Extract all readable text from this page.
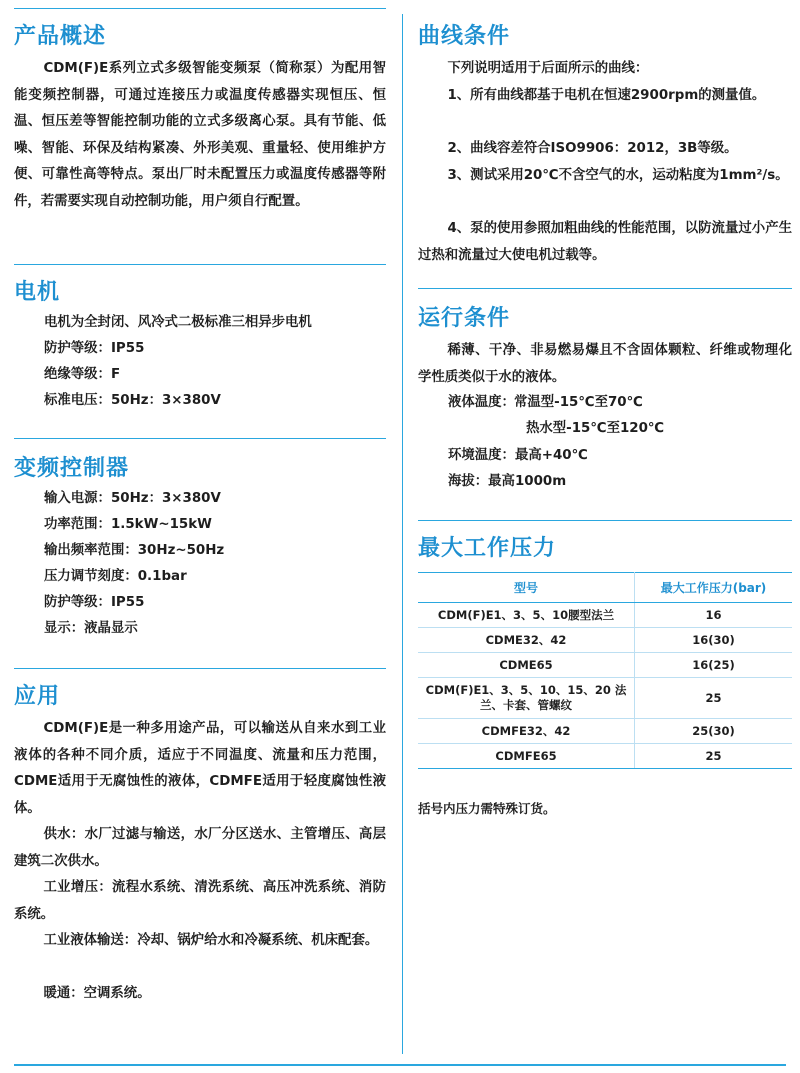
产品概述
CDM(F)E系列立式多级智能变频泵（简称泵）为配用智能变频控制器，可通过连接压力或温度传感器实现恒压、恒温、恒压差等智能控制功能的立式多级离心泵。具有节能、低噪、智能、环保及结构紧凑、外形美观、重量轻、使用维护方便、可靠性高等特点。泵出厂时未配置压力或温度传感器等附件，若需要实现自动控制功能，用户须自行配置。
电机
电机为全封闭、风冷式二极标准三相异步电机
防护等级：IP55
绝缘等级：F
标准电压：50Hz：3×380V
变频控制器
输入电源：50Hz：3×380V
功率范围：1.5kW~15kW
输出频率范围：30Hz~50Hz
压力调节刻度：0.1bar
防护等级：IP55
显示：液晶显示
应用
CDM(F)E是一种多用途产品，可以输送从自来水到工业液体的各种不同介质，适应于不同温度、流量和压力范围，CDME适用于无腐蚀性的液体，CDMFE适用于轻度腐蚀性液体。
供水：水厂过滤与输送，水厂分区送水、主管增压、高层建筑二次供水。
工业增压：流程水系统、清洗系统、高压冲洗系统、消防系统。
工业液体输送：冷却、锅炉给水和冷凝系统、机床配套。
暖通：空调系统。
曲线条件
下列说明适用于后面所示的曲线：
1、所有曲线都基于电机在恒速2900rpm的测量值。
2、曲线容差符合ISO9906：2012，3B等级。
3、测试采用20℃不含空气的水，运动粘度为1mm²/s。
4、泵的使用参照加粗曲线的性能范围，以防流量过小产生过热和流量过大使电机过载等。
运行条件
稀薄、干净、非易燃易爆且不含固体颗粒、纤维或物理化学性质类似于水的液体。
液体温度： 常温型-15℃至70℃
热水型-15℃至120℃
环境温度：最高+40℃
海拔：最高1000m
最大工作压力
型号	最大工作压力(bar)
CDM(F)E1、3、5、10腰型法兰	16
CDME32、42	16(30)
CDME65	16(25)
CDM(F)E1、3、5、10、15、20 法兰、卡套、管螺纹	25
CDMFE32、42	25(30)
CDMFE65	25
括号内压力需特殊订货。
